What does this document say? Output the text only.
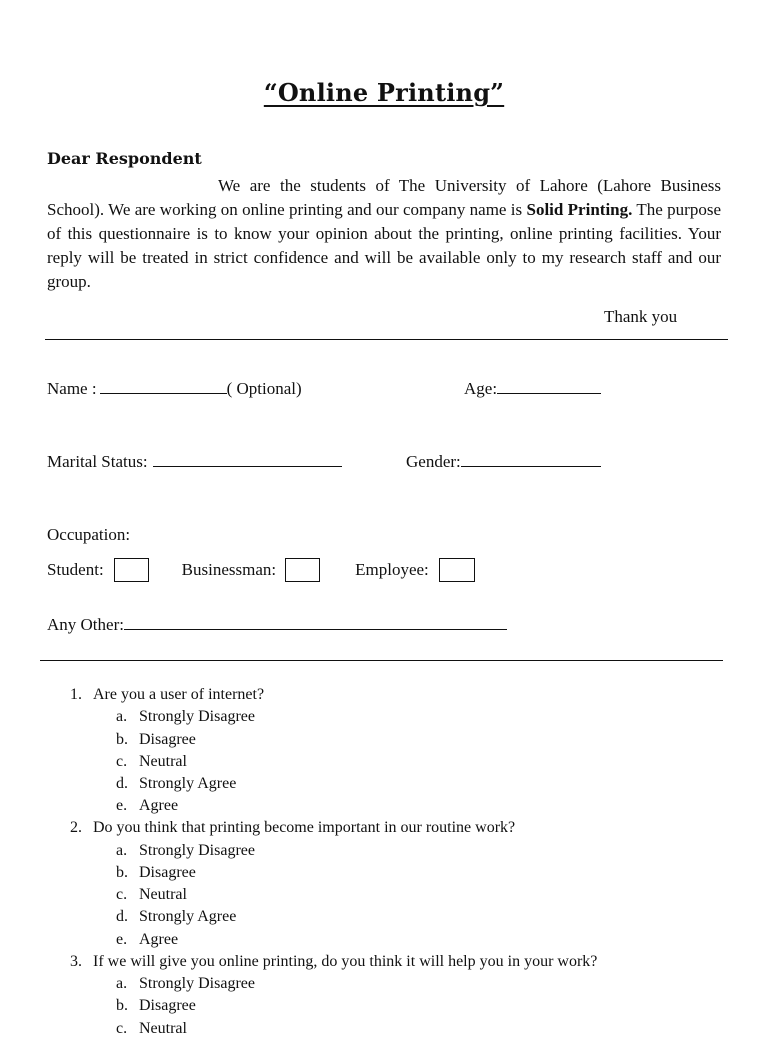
“Online Printing”
Dear Respondent

We are the students of The University of Lahore (Lahore Business School). We are working on online printing and our company name is Solid Printing. The purpose of this questionnaire is to know your opinion about the printing, online printing facilities. Your reply will be treated in strict confidence and will be available only to my research staff and our group.

Thank you
Name :	( Optional)	Age:
Marital Status:	Gender:
Occupation:
Student:	Businessman:	Employee:
Any Other:
1. Are you a user of internet?
a. Strongly Disagree
b. Disagree
c. Neutral
d. Strongly Agree
e. Agree
2. Do you think that printing become important in our routine work?
a. Strongly Disagree
b. Disagree
c. Neutral
d. Strongly Agree
e. Agree
3. If we will give you online printing, do you think it will help you in your work?
a. Strongly Disagree
b. Disagree
c. Neutral
